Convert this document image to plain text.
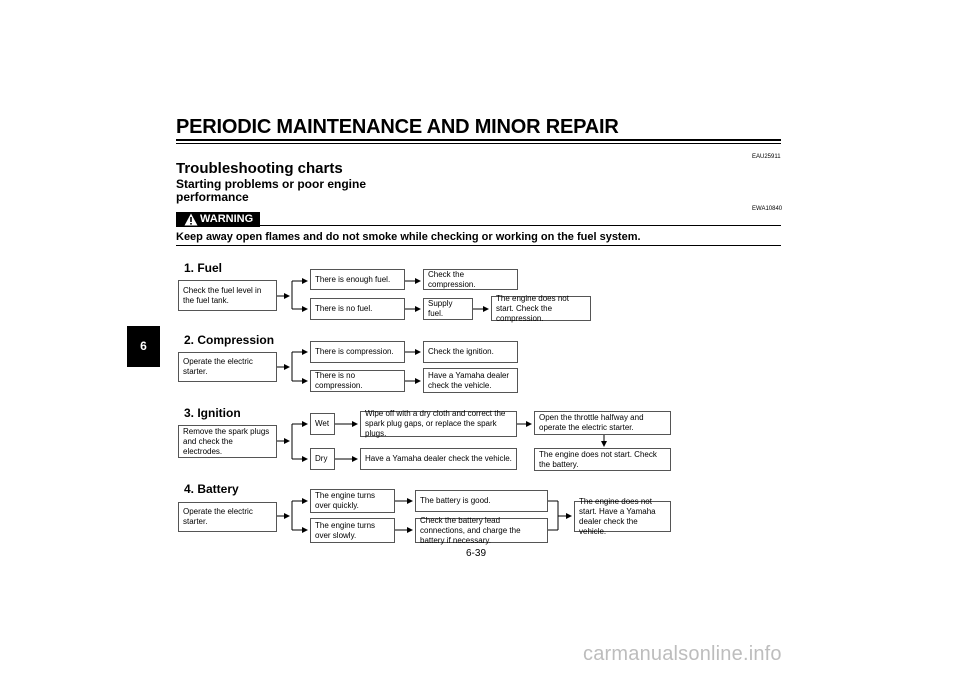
PERIODIC MAINTENANCE AND MINOR REPAIR
EAU25911
Troubleshooting charts
Starting problems or poor engine performance
EWA10840
WARNING
Keep away open flames and do not smoke while checking or working on the fuel system.
6
1. Fuel
Check the fuel level in the fuel tank.
There is enough fuel.
Check the compression.
There is no fuel.
Supply fuel.
The engine does not start. Check the compression.
2. Compression
Operate the electric starter.
There is compression.	Check the ignition.
There is no compression.
Have a Yamaha dealer check the vehicle.
3. Ignition
Remove the spark plugs and check the electrodes.
Wet
Wipe off with a dry cloth and correct the spark plug gaps, or replace the spark plugs.
Open the throttle halfway and operate the electric starter.
The engine does not start. Check the battery.
Dry	Have a Yamaha dealer check the vehicle.
4. Battery
Operate the electric starter.
The engine turns over quickly.
The battery is good.
The engine turns over slowly.
Check the battery lead connections, and charge the battery if necessary.
The engine does not start. Have a Yamaha dealer check the vehicle.
6-39
carmanualsonline.info
